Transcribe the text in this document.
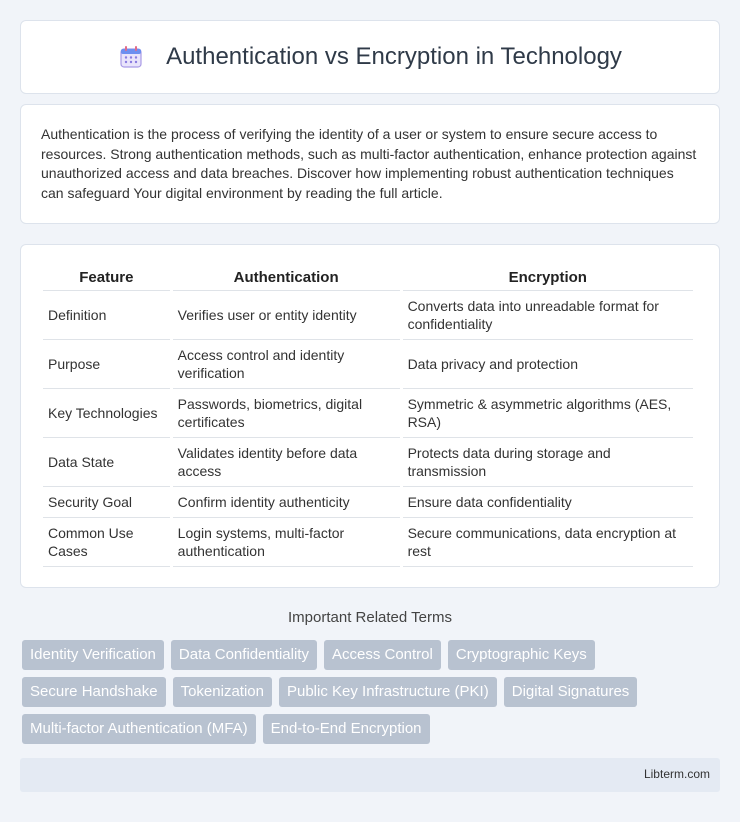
Authentication vs Encryption in Technology

Authentication is the process of verifying the identity of a user or system to ensure secure access to resources. Strong authentication methods, such as multi-factor authentication, enhance protection against unauthorized access and data breaches. Discover how implementing robust authentication techniques can safeguard Your digital environment by reading the full article.

Feature	Authentication	Encryption
Definition	Verifies user or entity identity	Converts data into unreadable format for confidentiality
Purpose	Access control and identity verification	Data privacy and protection
Key Technologies	Passwords, biometrics, digital certificates	Symmetric & asymmetric algorithms (AES, RSA)
Data State	Validates identity before data access	Protects data during storage and transmission
Security Goal	Confirm identity authenticity	Ensure data confidentiality
Common Use Cases	Login systems, multi-factor authentication	Secure communications, data encryption at rest
Important Related Terms
Identity Verification	Data Confidentiality	Access Control	Cryptographic Keys
Secure Handshake	Tokenization	Public Key Infrastructure (PKI)	Digital Signatures
Multi-factor Authentication (MFA)	End-to-End Encryption
Libterm.com
